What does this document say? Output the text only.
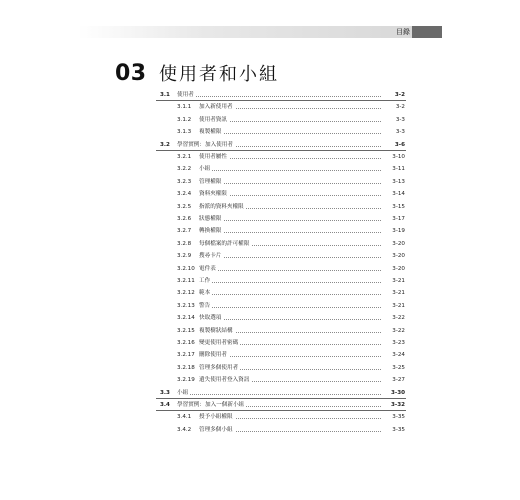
目錄
03 使用者和小組
3.1 使用者	3-2
3.1.1 加入新使用者	3-2
3.1.2 使用者資訊	3-3
3.1.3 複製權限	3-3
3.2 學習實例：加入使用者	3-6
3.2.1 使用者屬性	3-10
3.2.2 小組	3-11
3.2.3 管理權限	3-13
3.2.4 資料夾權限	3-14
3.2.5 指派的資料夾權限	3-15
3.2.6 狀態權限	3-17
3.2.7 轉換權限	3-19
3.2.8 每個檔案的許可權限	3-20
3.2.9 搜尋卡片	3-20
3.2.10 電件表	3-20
3.2.11 工作	3-21
3.2.12 範本	3-21
3.2.13 警告	3-21
3.2.14 快取選項	3-22
3.2.15 複製樹狀結構	3-22
3.2.16 變更使用者密碼	3-23
3.2.17 刪除使用者	3-24
3.2.18 管理多個使用者	3-25
3.2.19 遺失使用者登入資訊	3-27
3.3 小組	3-30
3.4 學習實例：加入一個新小組	3-32
3.4.1 授予小組權限	3-35
3.4.2 管理多個小組	3-35
